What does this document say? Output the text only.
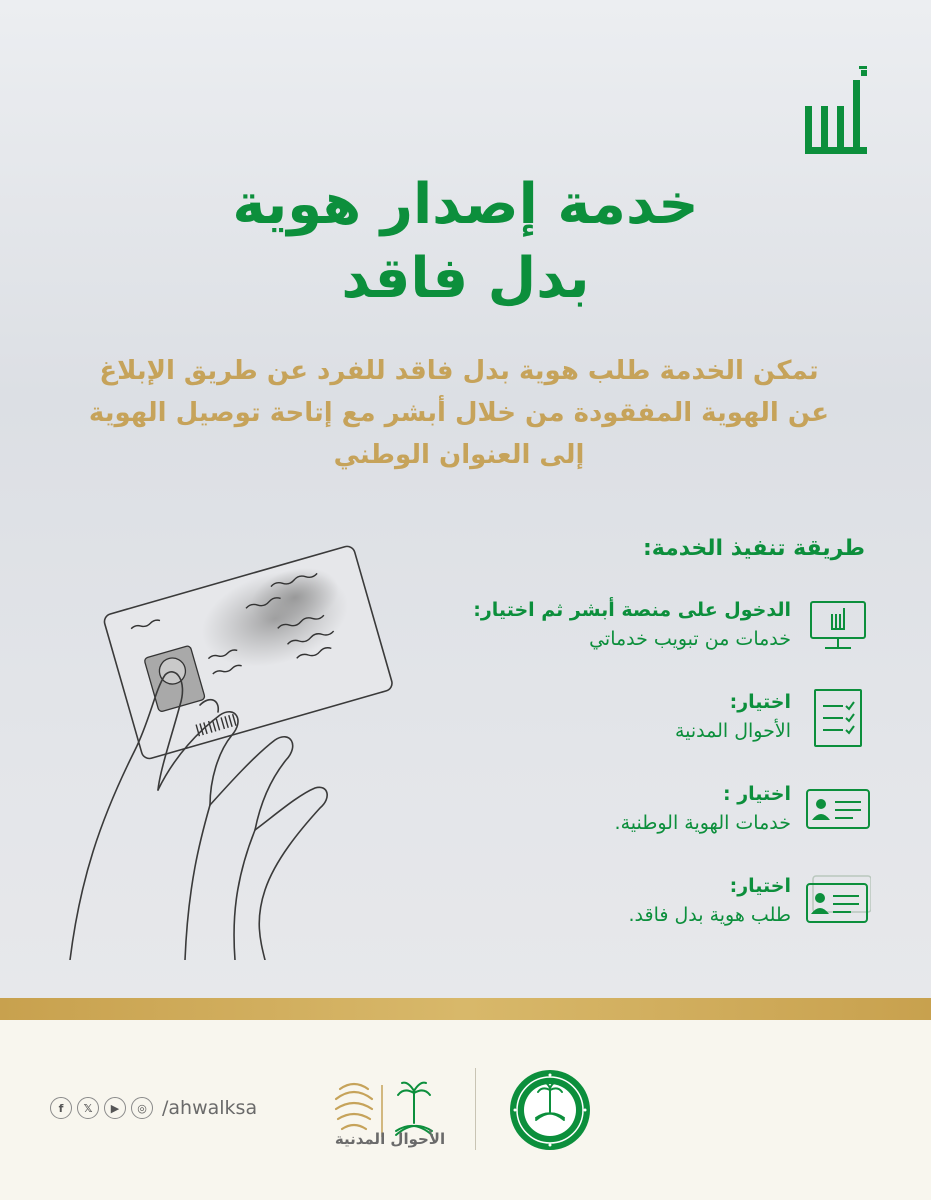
خدمة إصدار هوية
بدل فاقد
تمكن الخدمة طلب هوية بدل فاقد للفرد عن طريق الإبلاغ
عن الهوية المفقودة من خلال أبشر مع إتاحة توصيل الهوية
إلى العنوان الوطني
طريقة تنفيذ الخدمة:
الدخول على منصة أبشر ثم اختيار:
خدمات من تبويب خدماتي
اختيار:
الأحوال المدنية
اختيار :
خدمات الهوية الوطنية.
اختيار:
طلب هوية بدل فاقد.
f	𝕏	▶	◎ /ahwalksa
الأحوال المدنية
